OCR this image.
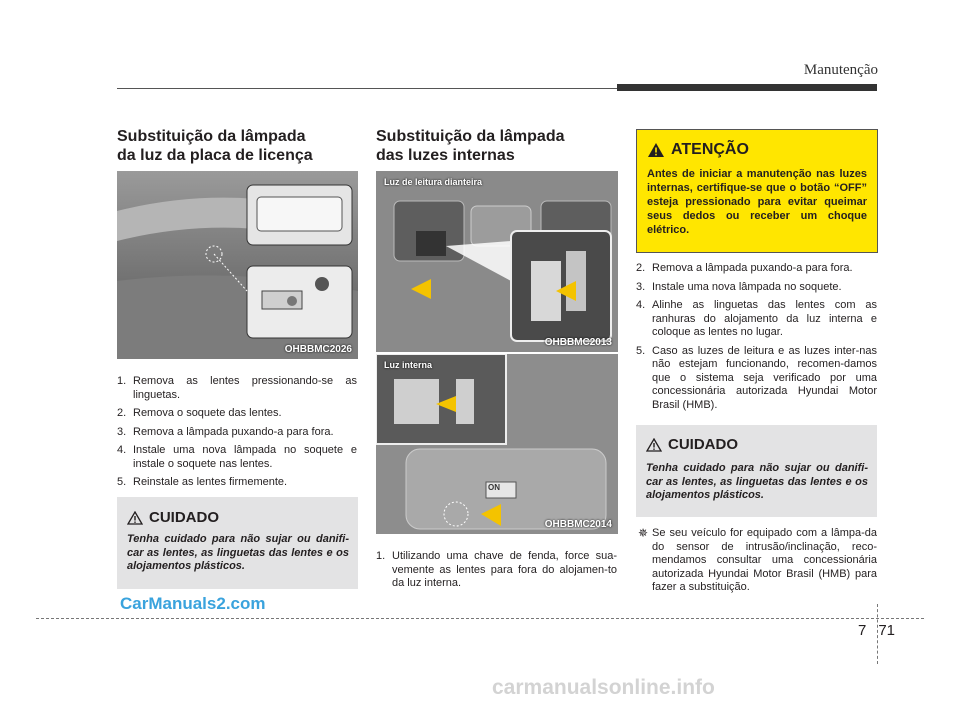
Manutenção
Substituição da lâmpada
da luz da placa de licença
OHBBMC2026
1. Remova as lentes pressionando-se as linguetas.
2. Remova o soquete das lentes.
3. Remova a lâmpada puxando-a para fora.
4. Instale uma nova lâmpada no soquete e instale o soquete nas lentes.
5. Reinstale as lentes firmemente.
CUIDADO
Tenha cuidado para não sujar ou danifi-car as lentes, as linguetas das lentes e os alojamentos plásticos.
Substituição da lâmpada
das luzes internas
Luz de leitura dianteira
OHBBMC2013
Luz interna
ON
OHBBMC2014
1. Utilizando uma chave de fenda, force sua-vemente as lentes para fora do alojamen-to da luz interna.
ATENÇÃO
Antes de iniciar a manutenção nas luzes internas, certifique-se que o botão “OFF” esteja pressionado para evitar queimar seus dedos ou receber um choque elétrico.
2. Remova a lâmpada puxando-a para fora.
3. Instale uma nova lâmpada no soquete.
4. Alinhe as linguetas das lentes com as ranhuras do alojamento da luz interna e coloque as lentes no lugar.
5. Caso as luzes de leitura e as luzes inter-nas não estejam funcionando, recomen-damos que o sistema seja verificado por uma concessionária autorizada Hyundai Motor Brasil (HMB).
CUIDADO
Tenha cuidado para não sujar ou danifi-car as lentes, as linguetas das lentes e os alojamentos plásticos.
✵ Se seu veículo for equipado com a lâmpa-da do sensor de intrusão/inclinação, reco-mendamos consultar uma concessionária autorizada Hyundai Motor Brasil (HMB) para fazer a substituição.
CarManuals2.com
7 71
carmanualsonline.info
